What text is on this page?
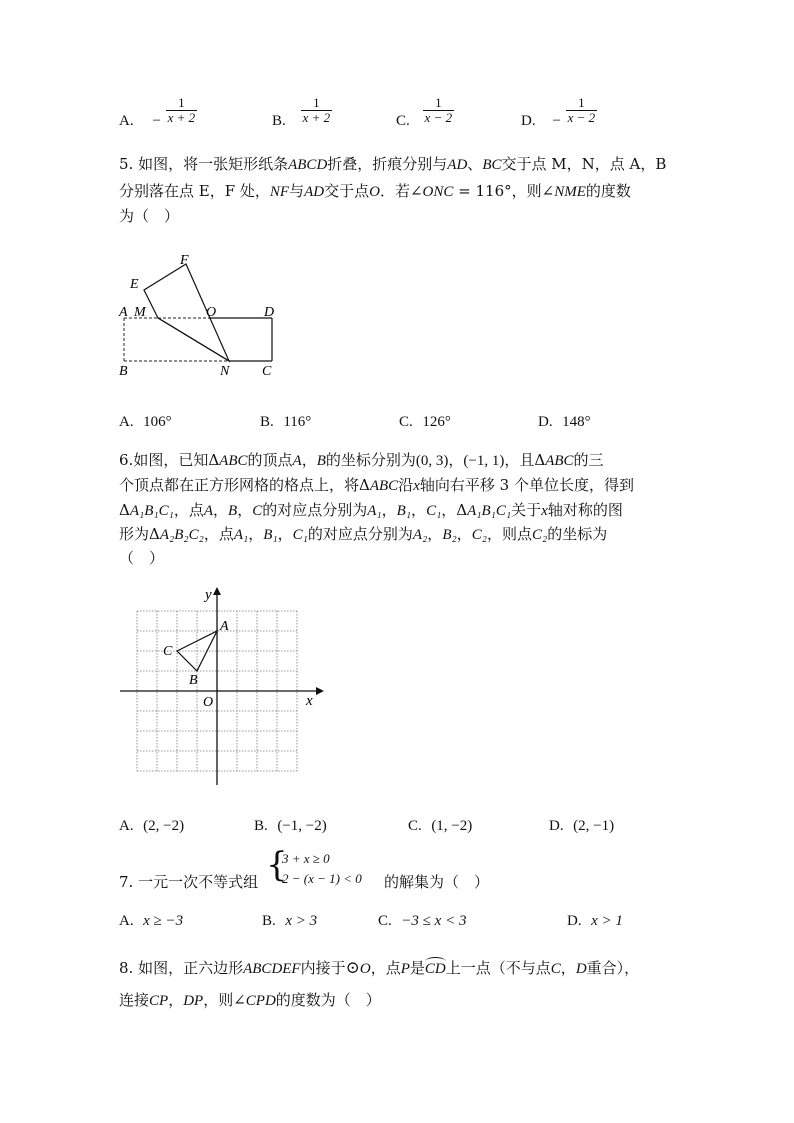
A. − $\frac{1}{x + 2}$	B. $\frac{1}{x + 2}$	C. $\frac{1}{x - 2}$	D. − $\frac{1}{x - 2}$
5. 如图，将一张矩形纸条ABCD折叠，折痕分别与AD、BC交于点 M，N，点 A，B
分别落在点 E，F 处，NF与AD交于点O．若∠ONC = 116°，则∠NME的度数
为（　）
E
F
A M	O	D
B	N C
A. 106°	B. 116°	C. 126°	D. 148°
6.如图，已知ΔABC的顶点A，B的坐标分别为(0, 3)，(−1, 1)，且ΔABC的三
个顶点都在正方形网格的格点上，将ΔABC沿x轴向右平移 3 个单位长度，得到
ΔA₁B₁C₁，点A，B，C的对应点分别为A₁，B₁，C₁，ΔA₁B₁C₁关于x轴对称的图
形为ΔA₂B₂C₂，点A₁，B₁，C₁的对应点分别为A₂，B₂，C₂，则点C₂的坐标为
（　）
y
x
A
B
C
O
A. (2, −2)	B. (−1, −2)	C. (1, −2)	D. (2, −1)
7. 一元一次不等式组 {
3 + x ≥ 0
2 − (x − 1) < 0 的解集为（　）
A. x ≥ −3	B. x > 3	C. −3 ≤ x < 3	D. x > 1
8. 如图，正六边形ABCDEF内接于⊙O，点P是
CD上一点（不与点C，D重合），
连接CP，DP，则∠CPD的度数为（　）
